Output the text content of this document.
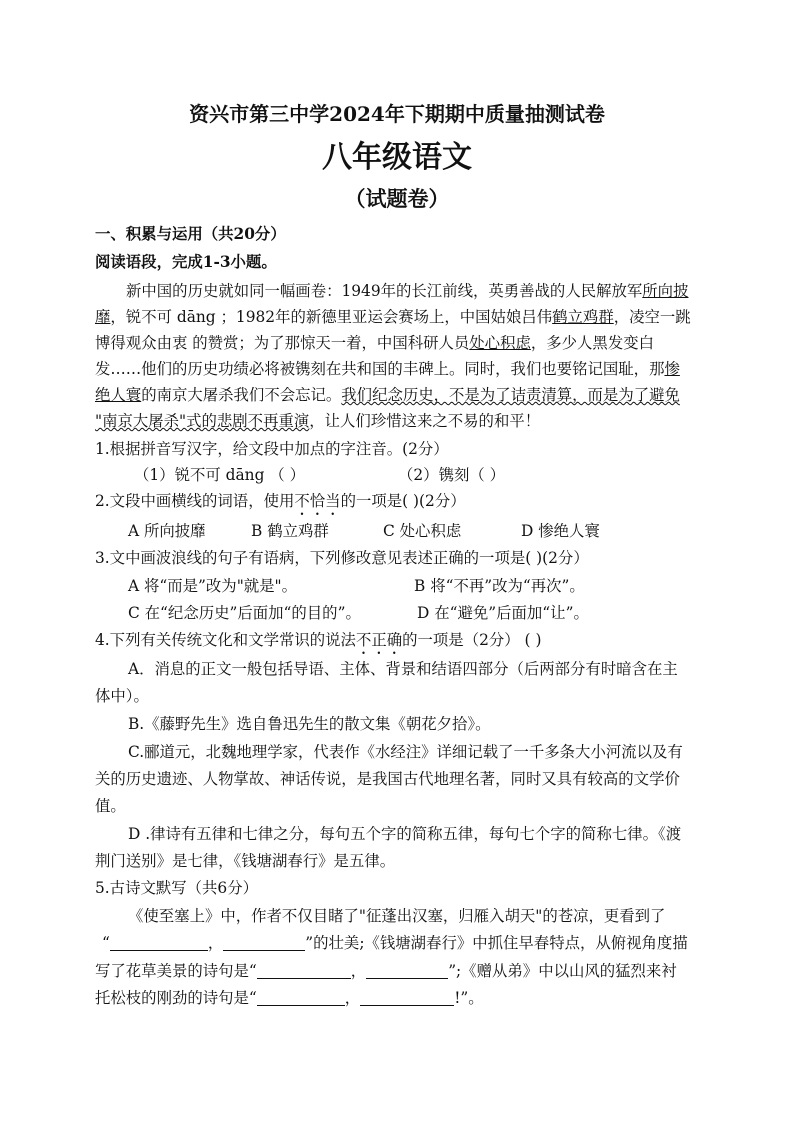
资兴市第三中学2024年下期期中质量抽测试卷
八年级语文
（试题卷）
一、积累与运用（共20分）
阅读语段，完成1-3小题。
新中国的历史就如同一幅画卷：1949年的长江前线，英勇善战的人民解放军所向披
靡，锐不可 dāng ；1982年的新德里亚运会赛场上，中国姑娘吕伟鹤立鸡群，凌空一跳
博得观众由衷 的赞赏；为了那惊天一着，中国科研人员处心积虑，多少人黑发变白
发……他们的历史功绩必将被镌刻在共和国的丰碑上。同时，我们也要铭记国耻，那惨
绝人寰的南京大屠杀我们不会忘记。我们纪念历史，不是为了诘责清算，而是为了避免
"南京大屠杀"式的悲剧不再重演，让人们珍惜这来之不易的和平！
1.根据拼音写汉字，给文段中加点的字注音。(2分）
（1）锐不可 dāng （ ）	（2）镌刻（ ）
2.文段中画横线的词语，使用不恰当的一项是( )(2分）
A 所向披靡	B 鹤立鸡群	C 处心积虑	D 惨绝人寰
3.文中画波浪线的句子有语病，下列修改意见表述正确的一项是( )(2分）
A 将“而是”改为"就是"。	B 将“不再”改为“再次”。
C 在“纪念历史”后面加“的目的”。	D 在“避免”后面加“让”。
4.下列有关传统文化和文学常识的说法不正确的一项是（2分） ( )
A．消息的正文一般包括导语、主体、背景和结语四部分（后两部分有时暗含在主
体中）。
B.《藤野先生》选自鲁迅先生的散文集《朝花夕拾》。
C.郦道元，北魏地理学家，代表作《水经注》详细记载了一千多条大小河流以及有
关的历史遗迹、人物掌故、神话传说，是我国古代地理名著，同时又具有较高的文学价
值。
D .律诗有五律和七律之分，每句五个字的简称五律，每句七个字的简称七律。《渡
荆门送别》是七律，《钱塘湖春行》是五律。
5.古诗文默写（共6分）
《使至塞上》中，作者不仅目睹了"征蓬出汉塞，归雁入胡天"的苍凉，更看到了
“	，	”的壮美;《钱塘湖春行》中抓住早春特点，从俯视角度描
写了花草美景的诗句是“	，	”;《赠从弟》中以山风的猛烈来衬
托松枝的刚劲的诗句是“	，	!”。
